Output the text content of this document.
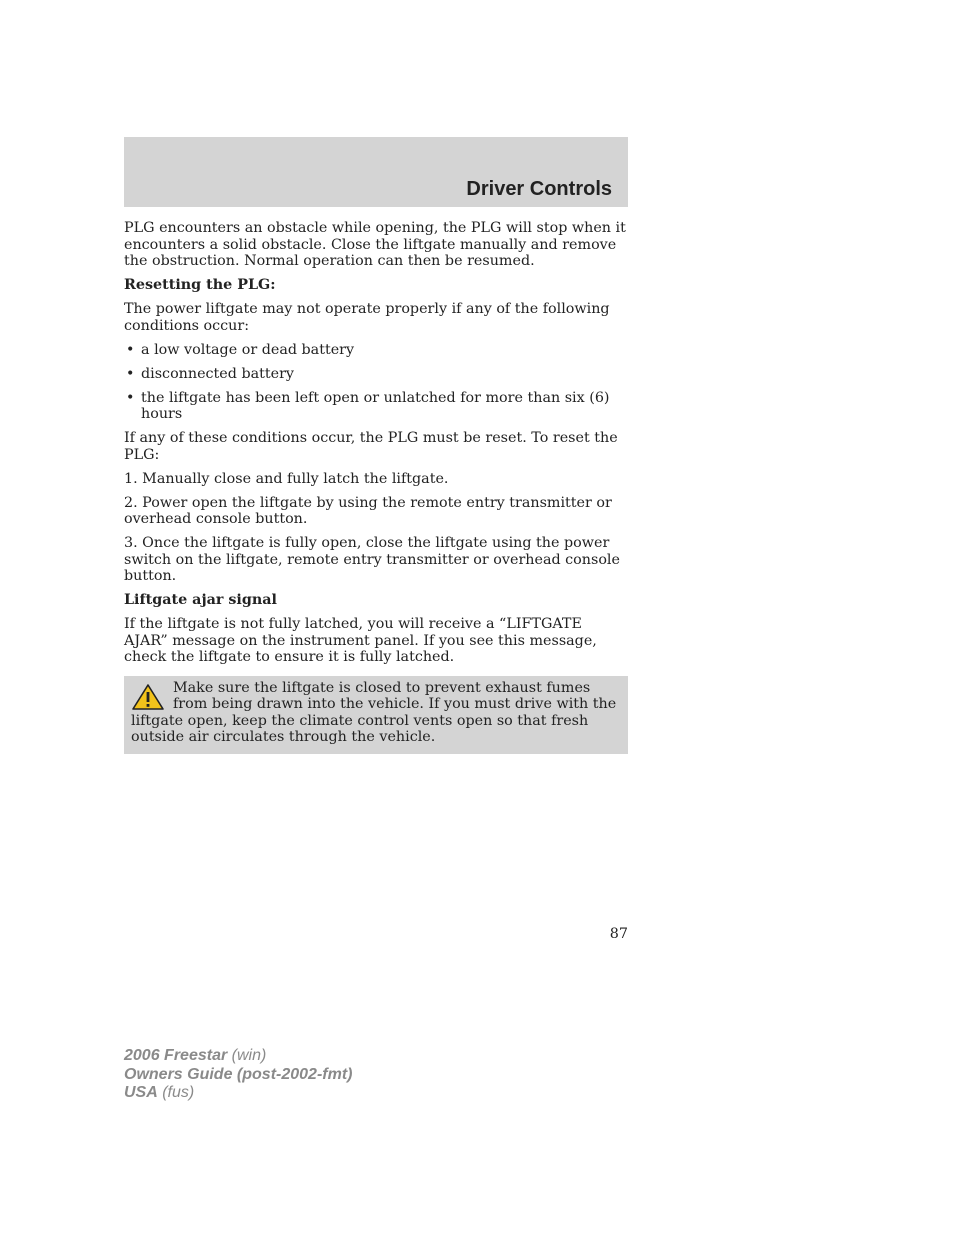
Driver Controls

PLG encounters an obstacle while opening, the PLG will stop when it encounters a solid obstacle. Close the liftgate manually and remove the obstruction. Normal operation can then be resumed.

Resetting the PLG:

The power liftgate may not operate properly if any of the following conditions occur:

• a low voltage or dead battery
• disconnected battery
• the liftgate has been left open or unlatched for more than six (6) hours

If any of these conditions occur, the PLG must be reset. To reset the PLG:

1. Manually close and fully latch the liftgate.

2. Power open the liftgate by using the remote entry transmitter or overhead console button.

3. Once the liftgate is fully open, close the liftgate using the power switch on the liftgate, remote entry transmitter or overhead console button.

Liftgate ajar signal

If the liftgate is not fully latched, you will receive a “LIFTGATE AJAR” message on the instrument panel. If you see this message, check the liftgate to ensure it is fully latched.

Make sure the liftgate is closed to prevent exhaust fumes from being drawn into the vehicle. If you must drive with the liftgate open, keep the climate control vents open so that fresh outside air circulates through the vehicle.
87
2006 Freestar (win)
Owners Guide (post-2002-fmt)
USA (fus)
